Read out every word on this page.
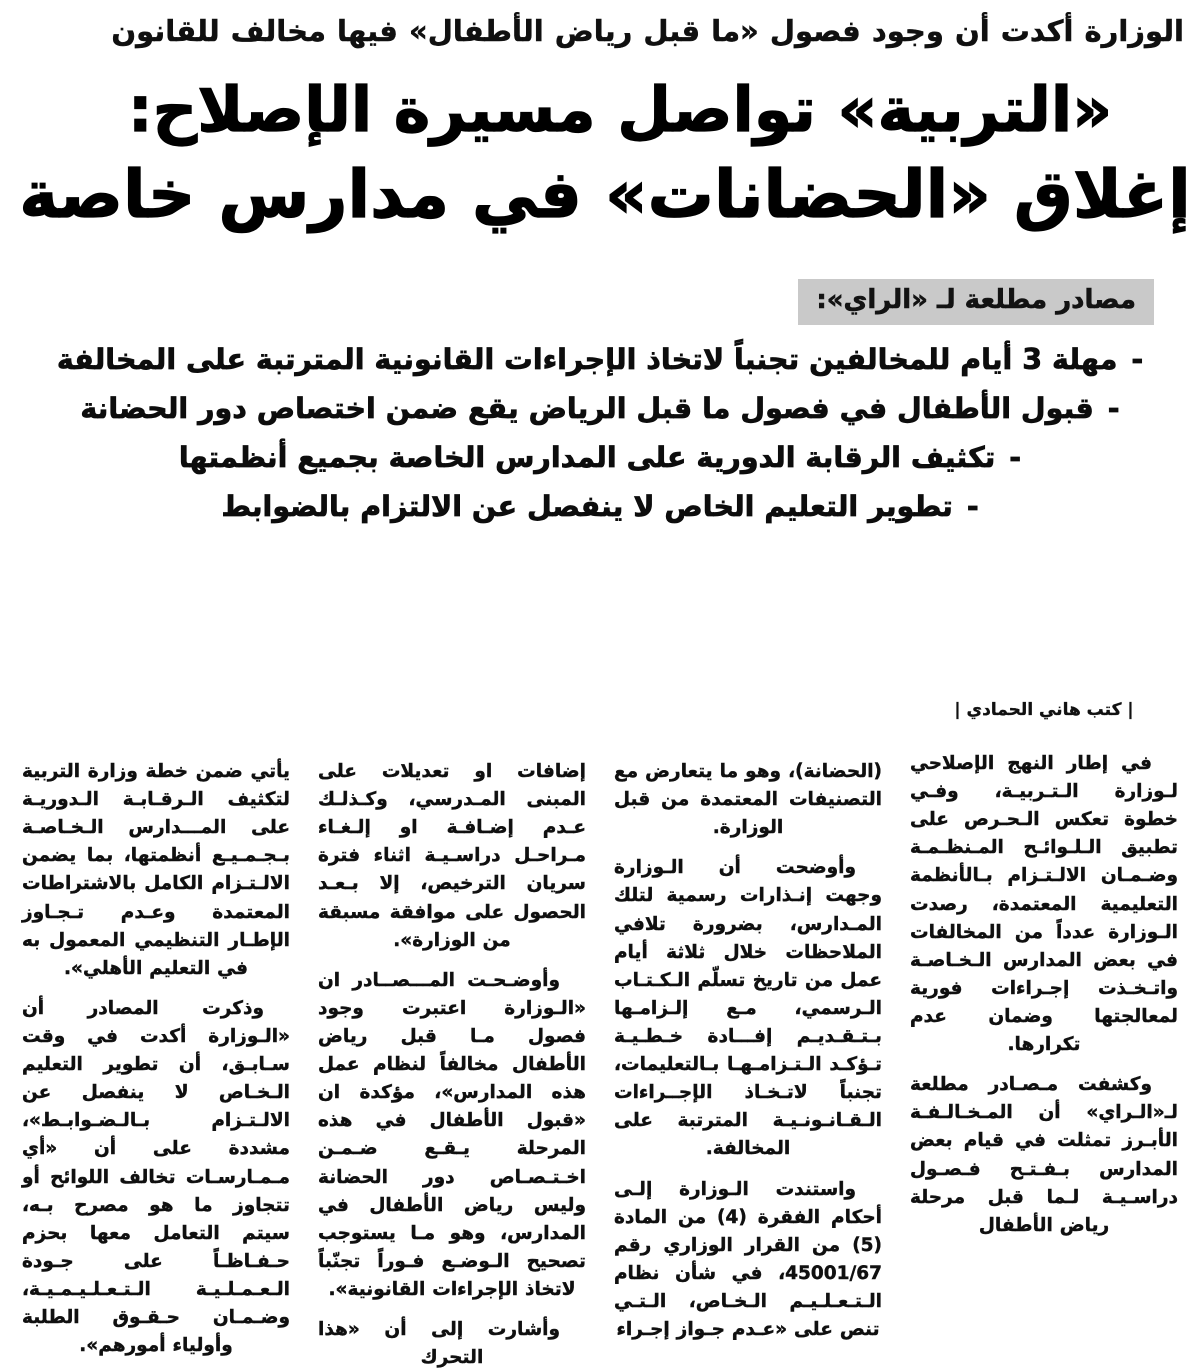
الوزارة أكدت أن وجود فصول «ما قبل رياض الأطفال» فيها مخالف للقانون
«التربية» تواصل مسيرة الإصلاح:
إغلاق «الحضانات» في مدارس خاصة
مصادر مطلعة لـ «الراي»:
- مهلة 3 أيام للمخالفين تجنباً لاتخاذ الإجراءات القانونية المترتبة على المخالفة
- قبول الأطفال في فصول ما قبل الرياض يقع ضمن اختصاص دور الحضانة
- تكثيف الرقابة الدورية على المدارس الخاصة بجميع أنظمتها
- تطوير التعليم الخاص لا ينفصل عن الالتزام بالضوابط
| كتب هاني الحمادي |

في إطار النهج الإصلاحي لـوزارة الـتـربيـة، وفـي خطوة تعكس الـحـرص على تطبيق الـلـوائـح المـنظـمـة وضـمـان الالـتـزام بـالأنظمة التعليمية المعتمدة، رصدت الـوزارة عدداً من المخالفات في بعض المدارس الـخـاصـة واتـخـذت إجـراءات فورية لمعالجتها وضمان عدم تكرارها.

وكشفت مـصـادر مطلعة لـ«الـراي» أن المـخـالـفـة الأبـرز تمثلت في قيام بعض المدارس بـفـتـح فـصـول دراسـيـة لـما قبل مرحلة رياض الأطفال

(الحضانة)، وهو ما يتعارض مع التصنيفات المعتمدة من قبل الوزارة.

وأوضحت أن الـوزارة وجهت إنـذارات رسمية لتلك المـدارس، بضرورة تلافي الملاحظات خلال ثلاثة أيام عمل من تاريخ تسلّم الـكـتـاب الـرسمي، مـع إلـزامـها بـتـقـديـم إفـــادة خـطـيـة تـؤكـد الـتـزامـهـا بـالتعليمات، تجنباً لاتـخـاذ الإجــراءات الـقـانـونـيـة المترتبة على المخالفة.

واستندت الـوزارة إلـى أحكام الفقرة (4) من المادة (5) من القرار الوزاري رقم 45001/67، في شأن نظام الـتـعـلـيـم الـخـاص، الـتـي تنص على «عـدم جـواز إجـراء

إضافات او تعديلات على المبنى المـدرسي، وكـذلـك عـدم إضـافـة او إلـغـاء مـراحـل دراسـيـة اثناء فترة سريان الترخيص، إلا بـعـد الحصول على موافقة مسبقة من الوزارة».

وأوضـحـت المـــصــادر ان «الـوزارة اعتبرت وجود فصول مـا قبل رياض الأطفال مخالفاً لنظام عمل هذه المدارس»، مؤكدة ان «قبول الأطفال في هذه المرحلة يـقـع ضـمـن اخـتـصـاص دور الحضانة وليس رياض الأطفال في المدارس، وهو مـا يستوجب تصحيح الـوضـع فـوراً تجنّباً لاتخاذ الإجراءات القانونية».

وأشارت إلى أن «هذا التحرك

يأتي ضمن خطة وزارة التربية لتكثيف الـرقـابـة الـدوريـة على المـــدارس الـخـاصـة بـجـمـيـع أنظمتها، بما يضمن الالـتـزام الكامل بالاشتراطات المعتمدة وعـدم تـجـاوز الإطـار التنظيمي المعمول به في التعليم الأهلي».

وذكرت المصادر أن «الـوزارة أكدت في وقت سـابـق، أن تطوير التعليم الـخـاص لا ينفصل عن الالـتـزام بـالـضـوابـط»، مشددة على أن «أي مـمـارسـات تخالف اللوائح أو تتجاوز ما هو مصرح بـه، سيتم التعامل معها بحزم حـفـاظـاً على جـودة الـعـمـلـيـة الـتـعـلـيـمـيـة، وضـمـان حـقـوق الطلبة وأولياء أمورهم».
